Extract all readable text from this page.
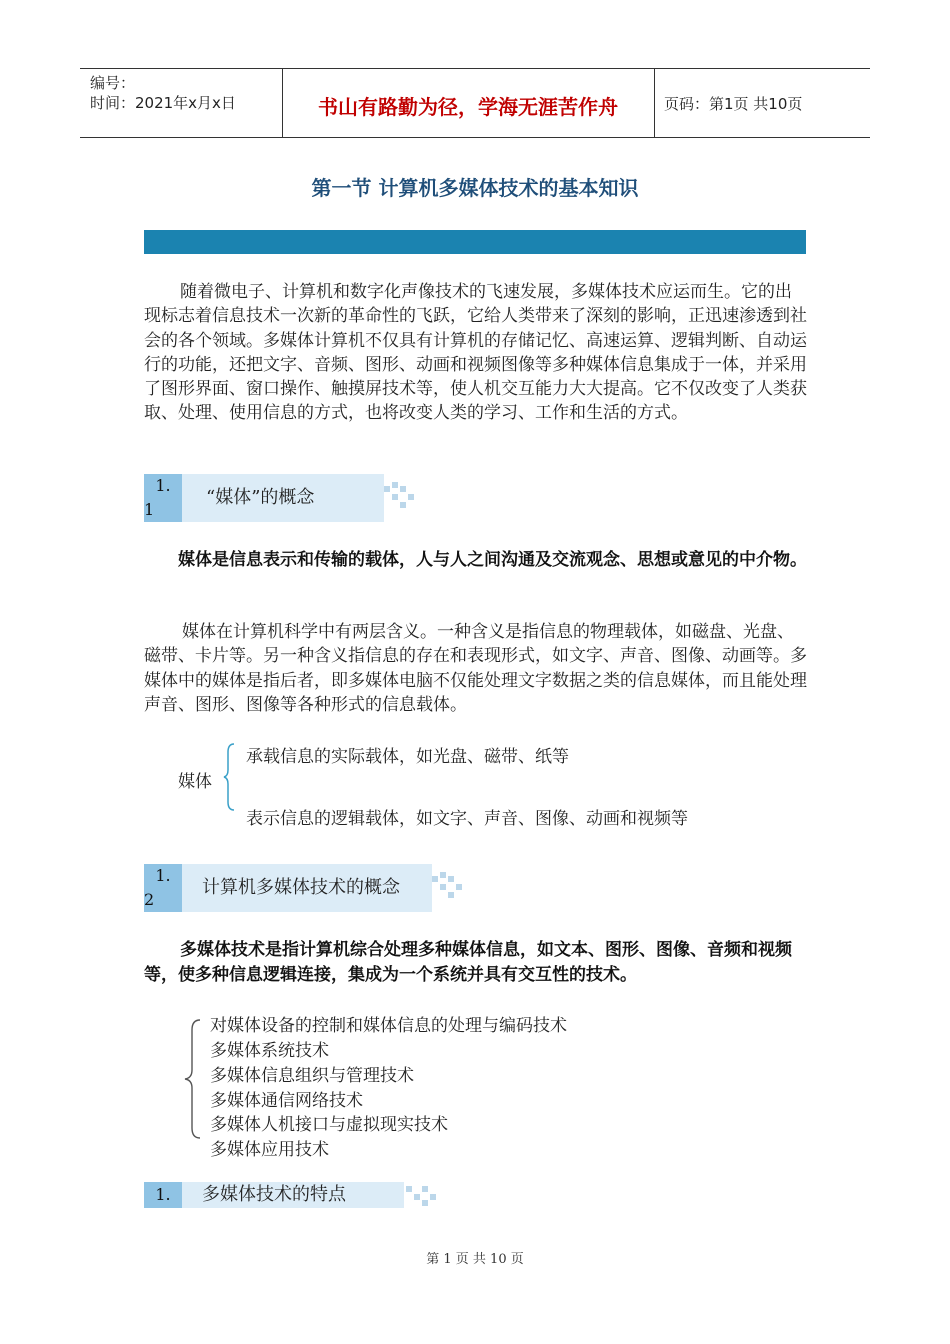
编号：
时间：2021年x月x日	书山有路勤为径，学海无涯苦作舟	页码：第1页 共10页
第一节 计算机多媒体技术的基本知识
随着微电子、计算机和数字化声像技术的飞速发展，多媒体技术应运而生。它的出现标志着信息技术一次新的革命性的飞跃，它给人类带来了深刻的影响，正迅速渗透到社会的各个领域。多媒体计算机不仅具有计算机的存储记忆、高速运算、逻辑判断、自动运行的功能，还把文字、音频、图形、动画和视频图像等多种媒体信息集成于一体，并采用了图形界面、窗口操作、触摸屏技术等，使人机交互能力大大提高。它不仅改变了人类获取、处理、使用信息的方式，也将改变人类的学习、工作和生活的方式。
1.
1
“媒体”的概念
媒体是信息表示和传输的载体，人与人之间沟通及交流观念、思想或意见的中介物。
媒体在计算机科学中有两层含义。一种含义是指信息的物理载体，如磁盘、光盘、磁带、卡片等。另一种含义指信息的存在和表现形式，如文字、声音、图像、动画等。多媒体中的媒体是指后者，即多媒体电脑不仅能处理文字数据之类的信息媒体，而且能处理声音、图形、图像等各种形式的信息载体。
媒体
承载信息的实际载体，如光盘、磁带、纸等
表示信息的逻辑载体，如文字、声音、图像、动画和视频等
1.
2
计算机多媒体技术的概念
多媒体技术是指计算机综合处理多种媒体信息，如文本、图形、图像、音频和视频等，使多种信息逻辑连接，集成为一个系统并具有交互性的技术。
对媒体设备的控制和媒体信息的处理与编码技术
多媒体系统技术
多媒体信息组织与管理技术
多媒体通信网络技术
多媒体人机接口与虚拟现实技术
多媒体应用技术
1.	多媒体技术的特点
第 1 页 共 10 页
